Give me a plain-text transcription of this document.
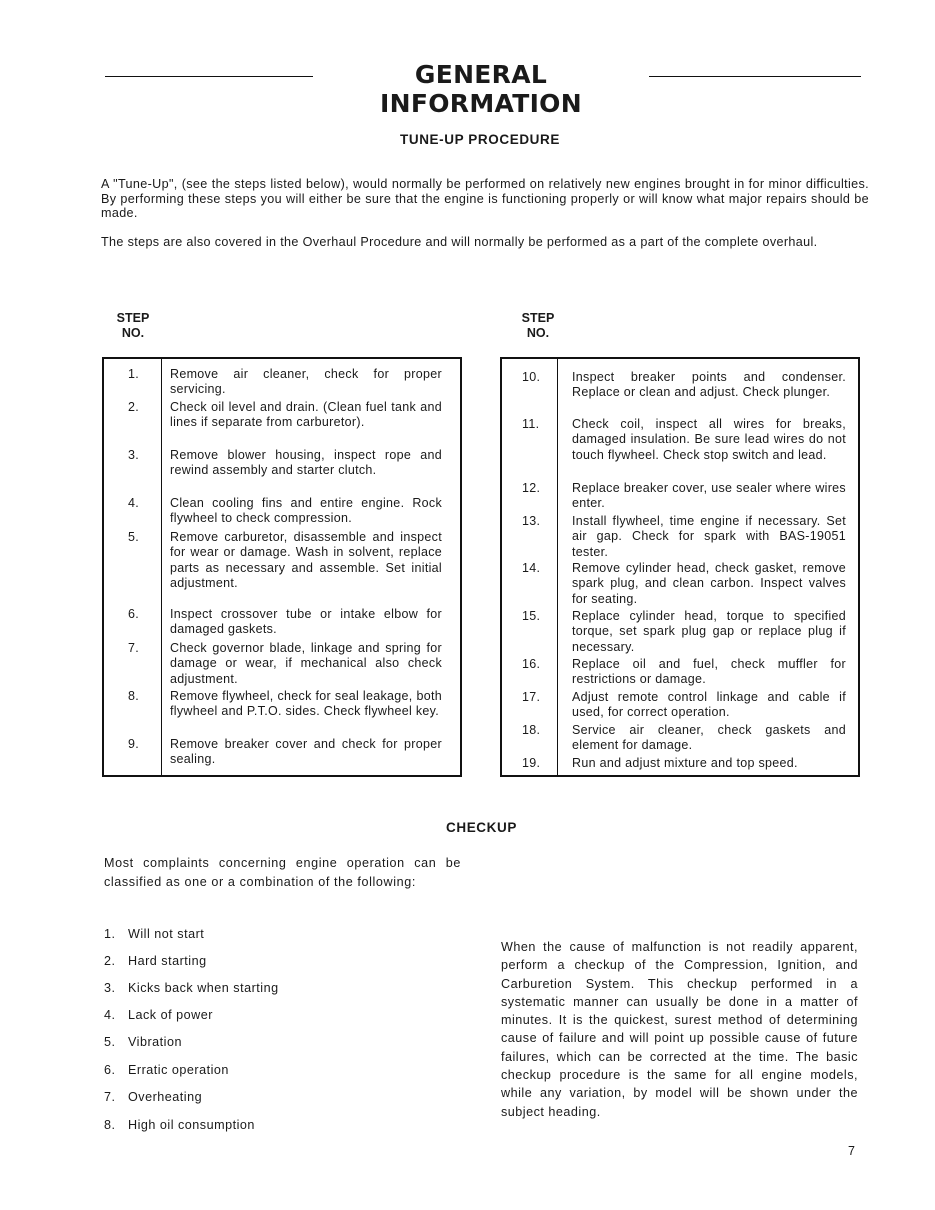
GENERAL INFORMATION
TUNE-UP PROCEDURE
A "Tune-Up", (see the steps listed below), would normally be performed on relatively new engines brought in for minor difficulties. By performing these steps you will either be sure that the engine is functioning properly or will know what major repairs should be made.
The steps are also covered in the Overhaul Procedure and will normally be performed as a part of the complete overhaul.
STEP
NO.
STEP
NO.
1. Remove air cleaner, check for proper servicing.
2. Check oil level and drain. (Clean fuel tank and lines if separate from carburetor).
3. Remove blower housing, inspect rope and rewind assembly and starter clutch.
4. Clean cooling fins and entire engine. Rock flywheel to check compression.
5. Remove carburetor, disassemble and inspect for wear or damage. Wash in solvent, replace parts as necessary and assemble. Set initial adjustment.
6. Inspect crossover tube or intake elbow for damaged gaskets.
7. Check governor blade, linkage and spring for damage or wear, if mechanical also check adjustment.
8. Remove flywheel, check for seal leakage, both flywheel and P.T.O. sides. Check flywheel key.
9. Remove breaker cover and check for proper sealing.
10.	Inspect breaker points and condenser. Replace or clean and adjust. Check plunger.
11.	Check coil, inspect all wires for breaks, damaged insulation. Be sure lead wires do not touch flywheel. Check stop switch and lead.
12.	Replace breaker cover, use sealer where wires enter.
13.	Install flywheel, time engine if necessary. Set air gap. Check for spark with BAS-19051 tester.
14.	Remove cylinder head, check gasket, remove spark plug, and clean carbon. Inspect valves for seating.
15.	Replace cylinder head, torque to specified torque, set spark plug gap or replace plug if necessary.
16.	Replace oil and fuel, check muffler for restrictions or damage.
17.	Adjust remote control linkage and cable if used, for correct operation.
18.	Service air cleaner, check gaskets and element for damage.
19.	Run and adjust mixture and top speed.
CHECKUP
Most complaints concerning engine operation can be classified as one or a combination of the following:
1. Will not start
2. Hard starting
3. Kicks back when starting
4. Lack of power
5. Vibration
6. Erratic operation
7. Overheating
8. High oil consumption
When the cause of malfunction is not readily apparent, perform a checkup of the Compression, Ignition, and Carburetion System. This checkup performed in a systematic manner can usually be done in a matter of minutes. It is the quickest, surest method of determining cause of failure and will point up possible cause of future failures, which can be corrected at the time. The basic checkup procedure is the same for all engine models, while any variation, by model will be shown under the subject heading.
7
